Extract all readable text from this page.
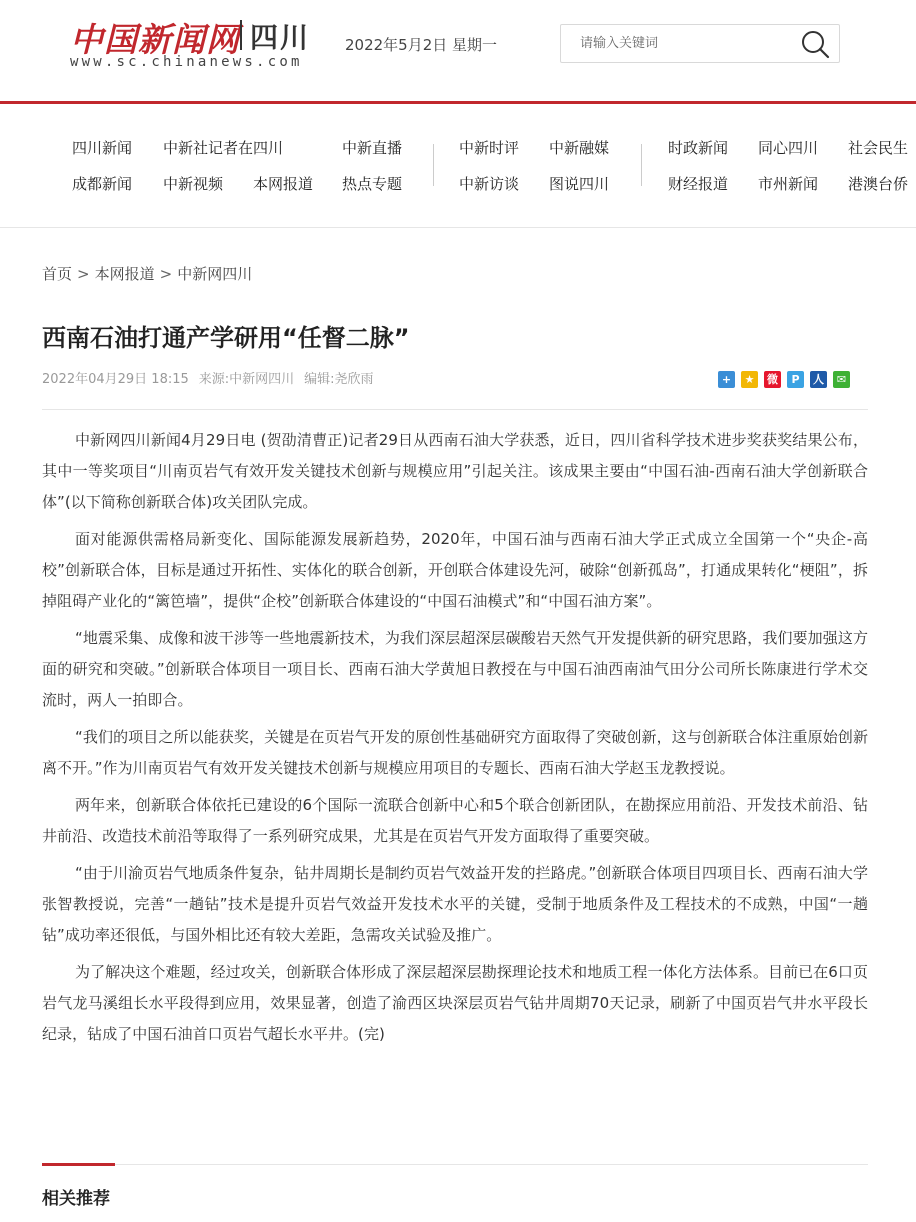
中国新闻网 四川
www.sc.chinanews.com
2022年5月2日 星期一
请输入关键词
四川新闻 中新社记者在四川	中新直播	中新时评 中新融媒	时政新闻 同心四川 社会民生
成都新闻 中新视频 本网报道 热点专题	中新访谈 图说四川	财经报道 市州新闻 港澳台侨
首页 > 本网报道 > 中新网四川
西南石油打通产学研用“任督二脉”
2022年04月29日 18:15 来源:中新网四川 编辑:尧欣雨	+	★	微	P	人	✉

中新网四川新闻4月29日电 (贺劭清曹正)记者29日从西南石油大学获悉，近日，四川省科学技术进步奖获奖结果公布，其中一等奖项目“川南页岩气有效开发关键技术创新与规模应用”引起关注。该成果主要由“中国石油-西南石油大学创新联合体”(以下简称创新联合体)攻关团队完成。

面对能源供需格局新变化、国际能源发展新趋势，2020年，中国石油与西南石油大学正式成立全国第一个“央企-高校”创新联合体，目标是通过开拓性、实体化的联合创新，开创联合体建设先河，破除“创新孤岛”，打通成果转化“梗阻”，拆掉阻碍产业化的“篱笆墙”，提供“企校”创新联合体建设的“中国石油模式”和“中国石油方案”。

“地震采集、成像和波干涉等一些地震新技术，为我们深层超深层碳酸岩天然气开发提供新的研究思路，我们要加强这方面的研究和突破。”创新联合体项目一项目长、西南石油大学黄旭日教授在与中国石油西南油气田分公司所长陈康进行学术交流时，两人一拍即合。

“我们的项目之所以能获奖，关键是在页岩气开发的原创性基础研究方面取得了突破创新，这与创新联合体注重原始创新离不开。”作为川南页岩气有效开发关键技术创新与规模应用项目的专题长、西南石油大学赵玉龙教授说。

两年来，创新联合体依托已建设的6个国际一流联合创新中心和5个联合创新团队，在勘探应用前沿、开发技术前沿、钻井前沿、改造技术前沿等取得了一系列研究成果，尤其是在页岩气开发方面取得了重要突破。

“由于川渝页岩气地质条件复杂，钻井周期长是制约页岩气效益开发的拦路虎。”创新联合体项目四项目长、西南石油大学张智教授说，完善“一趟钻”技术是提升页岩气效益开发技术水平的关键，受制于地质条件及工程技术的不成熟，中国“一趟钻”成功率还很低，与国外相比还有较大差距，急需攻关试验及推广。

为了解决这个难题，经过攻关，创新联合体形成了深层超深层勘探理论技术和地质工程一体化方法体系。目前已在6口页岩气龙马溪组长水平段得到应用，效果显著，创造了渝西区块深层页岩气钻井周期70天记录，刷新了中国页岩气井水平段长纪录，钻成了中国石油首口页岩气超长水平井。(完)

相关推荐
